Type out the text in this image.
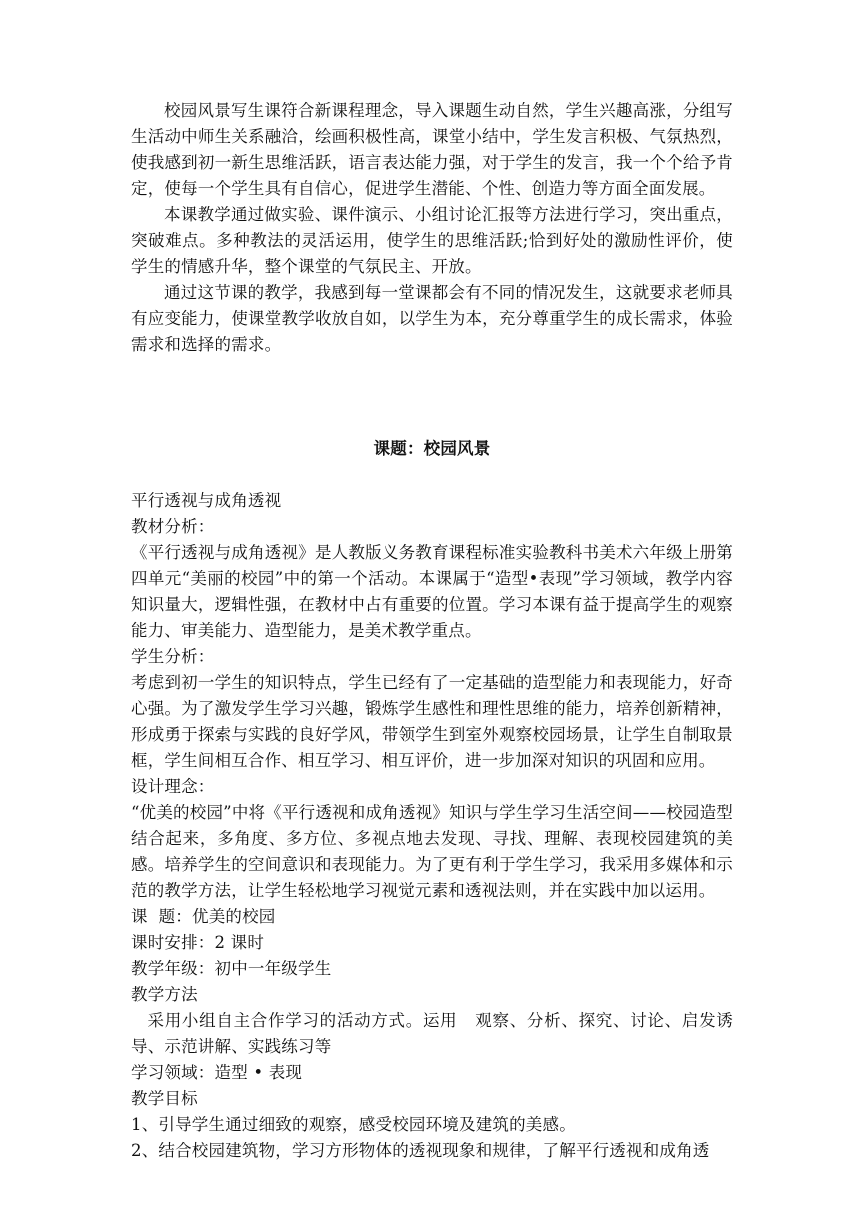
校园风景写生课符合新课程理念，导入课题生动自然，学生兴趣高涨，分组写生活动中师生关系融洽，绘画积极性高，课堂小结中，学生发言积极、气氛热烈，使我感到初一新生思维活跃，语言表达能力强，对于学生的发言，我一个个给予肯定，使每一个学生具有自信心，促进学生潜能、个性、创造力等方面全面发展。

本课教学通过做实验、课件演示、小组讨论汇报等方法进行学习，突出重点，突破难点。多种教法的灵活运用，使学生的思维活跃;恰到好处的激励性评价，使学生的情感升华，整个课堂的气氛民主、开放。

通过这节课的教学，我感到每一堂课都会有不同的情况发生，这就要求老师具有应变能力，使课堂教学收放自如，以学生为本，充分尊重学生的成长需求，体验需求和选择的需求。

课题：校园风景

平行透视与成角透视

教材分析：

《平行透视与成角透视》是人教版义务教育课程标准实验教科书美术六年级上册第四单元“美丽的校园”中的第一个活动。本课属于“造型•表现”学习领域，教学内容知识量大，逻辑性强，在教材中占有重要的位置。学习本课有益于提高学生的观察能力、审美能力、造型能力，是美术教学重点。

学生分析：

考虑到初一学生的知识特点，学生已经有了一定基础的造型能力和表现能力，好奇心强。为了激发学生学习兴趣，锻炼学生感性和理性思维的能力，培养创新精神，形成勇于探索与实践的良好学风，带领学生到室外观察校园场景，让学生自制取景框，学生间相互合作、相互学习、相互评价，进一步加深对知识的巩固和应用。

设计理念：

“优美的校园”中将《平行透视和成角透视》知识与学生学习生活空间——校园造型结合起来，多角度、多方位、多视点地去发现、寻找、理解、表现校园建筑的美感。培养学生的空间意识和表现能力。为了更有利于学生学习，我采用多媒体和示范的教学方法，让学生轻松地学习视觉元素和透视法则，并在实践中加以运用。

课  题：优美的校园

课时安排：2 课时

教学年级：初中一年级学生

教学方法

采用小组自主合作学习的活动方式。运用   观察、分析、探究、讨论、启发诱导、示范讲解、实践练习等

学习领域：造型 • 表现

教学目标

1、引导学生通过细致的观察，感受校园环境及建筑的美感。

2、结合校园建筑物，学习方形物体的透视现象和规律，了解平行透视和成角透
